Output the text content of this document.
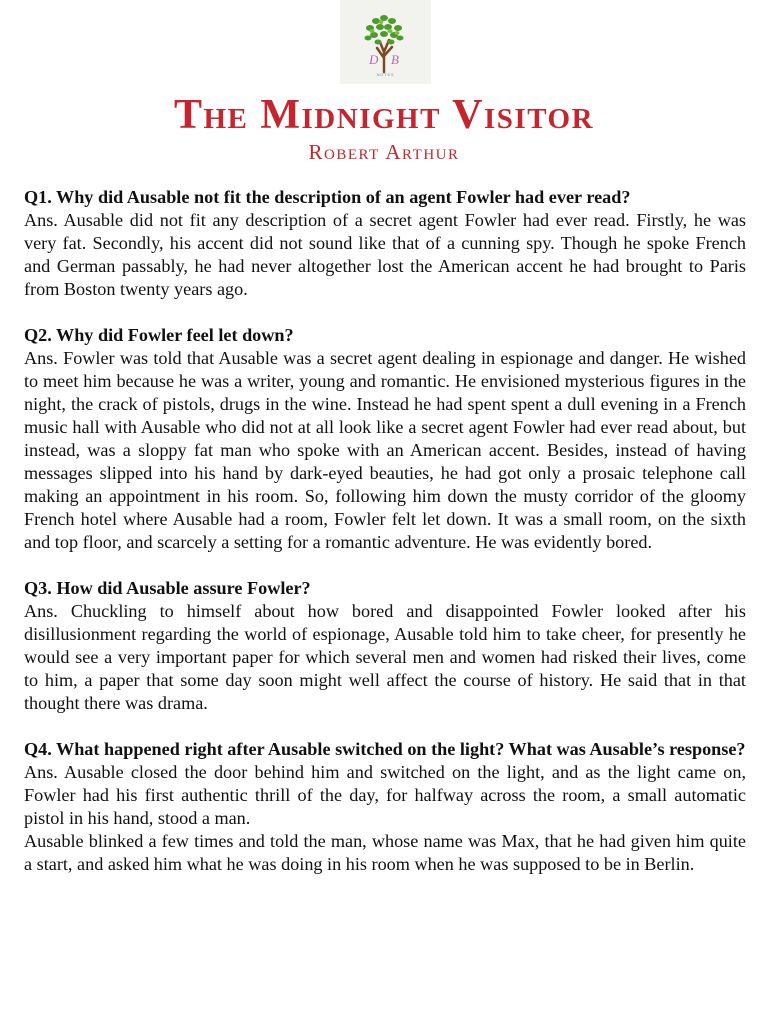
D B
NOTES
The Midnight Visitor
Robert Arthur

Q1. Why did Ausable not fit the description of an agent Fowler had ever read?

Ans. Ausable did not fit any description of a secret agent Fowler had ever read. Firstly, he was very fat. Secondly, his accent did not sound like that of a cunning spy. Though he spoke French and German passably, he had never altogether lost the American accent he had brought to Paris from Boston twenty years ago.

Q2. Why did Fowler feel let down?

Ans. Fowler was told that Ausable was a secret agent dealing in espionage and danger. He wished to meet him because he was a writer, young and romantic. He envisioned mysterious figures in the night, the crack of pistols, drugs in the wine. Instead he had spent spent a dull evening in a French music hall with Ausable who did not at all look like a secret agent Fowler had ever read about, but instead, was a sloppy fat man who spoke with an American accent. Besides, instead of having messages slipped into his hand by dark-eyed beauties, he had got only a prosaic telephone call making an appointment in his room. So, following him down the musty corridor of the gloomy French hotel where Ausable had a room, Fowler felt let down. It was a small room, on the sixth and top floor, and scarcely a setting for a romantic adventure. He was evidently bored.

Q3. How did Ausable assure Fowler?

Ans. Chuckling to himself about how bored and disappointed Fowler looked after his disillusionment regarding the world of espionage, Ausable told him to take cheer, for presently he would see a very important paper for which several men and women had risked their lives, come to him, a paper that some day soon might well affect the course of history. He said that in that thought there was drama.

Q4. What happened right after Ausable switched on the light? What was Ausable’s response?

Ans. Ausable closed the door behind him and switched on the light, and as the light came on, Fowler had his first authentic thrill of the day, for halfway across the room, a small automatic pistol in his hand, stood a man.

Ausable blinked a few times and told the man, whose name was Max, that he had given him quite a start, and asked him what he was doing in his room when he was supposed to be in Berlin.
